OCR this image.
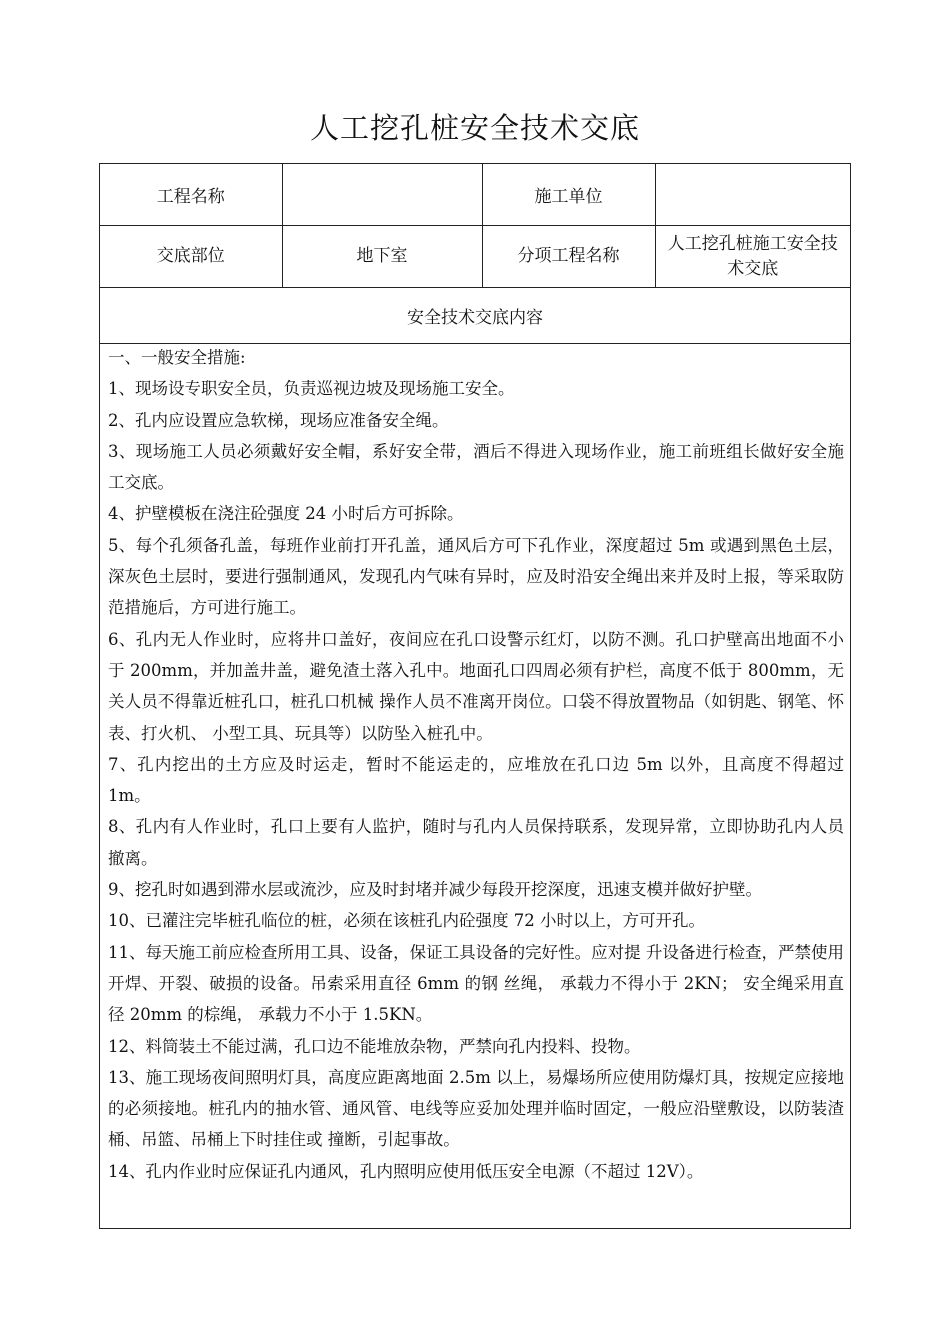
人工挖孔桩安全技术交底
工程名称		施工单位	
交底部位	地下室	分项工程名称	人工挖孔桩施工安全技术交底
安全技术交底内容			

一、一般安全措施:

1、现场设专职安全员，负责巡视边坡及现场施工安全。

2、孔内应设置应急软梯，现场应准备安全绳。

3、现场施工人员必须戴好安全帽，系好安全带，酒后不得进入现场作业，施工前班组长做好安全施工交底。

4、护壁模板在浇注砼强度 24 小时后方可拆除。

5、每个孔须备孔盖，每班作业前打开孔盖，通风后方可下孔作业，深度超过 5m 或遇到黑色土层，深灰色土层时，要进行强制通风，发现孔内气味有异时，应及时沿安全绳出来并及时上报，等采取防范措施后，方可进行施工。

6、孔内无人作业时，应将井口盖好，夜间应在孔口设警示红灯，以防不测。孔口护壁高出地面不小于 200mm，并加盖井盖，避免渣土落入孔中。地面孔口四周必须有护栏，高度不低于 800mm，无关人员不得靠近桩孔口，桩孔口机械 操作人员不准离开岗位。口袋不得放置物品（如钥匙、钢笔、怀表、打火机、 小型工具、玩具等）以防坠入桩孔中。

7、孔内挖出的土方应及时运走，暂时不能运走的，应堆放在孔口边 5m 以外，且高度不得超过 1m。

8、孔内有人作业时，孔口上要有人监护，随时与孔内人员保持联系，发现异常，立即协助孔内人员撤离。

9、挖孔时如遇到滞水层或流沙，应及时封堵并减少每段开挖深度，迅速支模并做好护壁。

10、已灌注完毕桩孔临位的桩，必须在该桩孔内砼强度 72 小时以上，方可开孔。

11、每天施工前应检查所用工具、设备，保证工具设备的完好性。应对提 升设备进行检查，严禁使用开焊、开裂、破损的设备。吊索采用直径 6mm 的钢 丝绳， 承载力不得小于 2KN； 安全绳采用直径 20mm 的棕绳， 承载力不小于 1.5KN。

12、料筒装土不能过满，孔口边不能堆放杂物，严禁向孔内投料、投物。

13、施工现场夜间照明灯具，高度应距离地面 2.5m 以上，易爆场所应使用防爆灯具，按规定应接地的必须接地。桩孔内的抽水管、通风管、电线等应妥加处理并临时固定，一般应沿壁敷设，以防装渣桶、吊篮、吊桶上下时挂住或 撞断，引起事故。

14、孔内作业时应保证孔内通风，孔内照明应使用低压安全电源（不超过 12V）。
